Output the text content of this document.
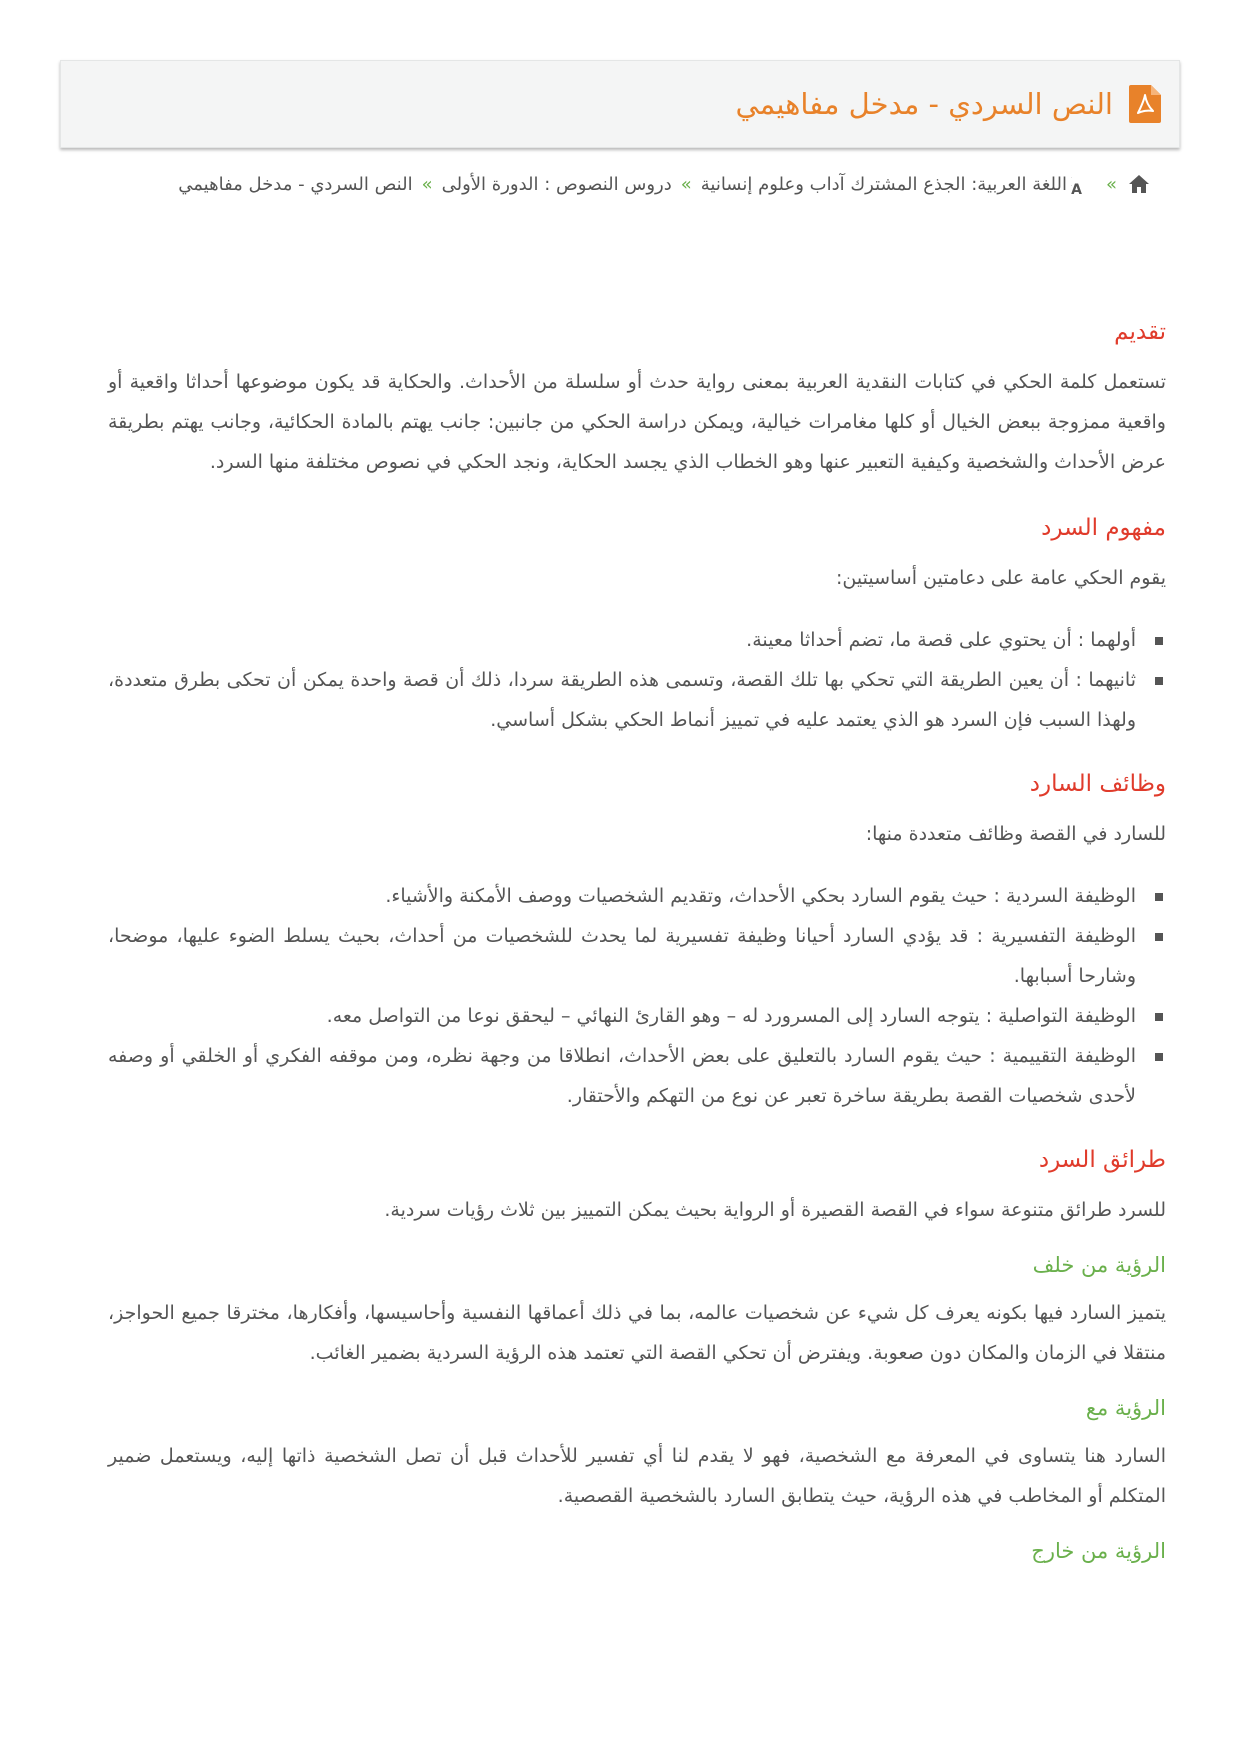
النص السردي - مدخل مفاهيمي
»
A
اللغة العربية: الجذع المشترك آداب وعلوم إنسانية
»
دروس النصوص : الدورة الأولى
»
النص السردي - مدخل مفاهيمي
تقديم

تستعمل كلمة الحكي في كتابات النقدية العربية بمعنى رواية حدث أو سلسلة من الأحداث. والحكاية قد يكون موضوعها أحداثا واقعية أو واقعية ممزوجة ببعض الخيال أو كلها مغامرات خيالية، ويمكن دراسة الحكي من جانبين: جانب يهتم بالمادة الحكائية، وجانب يهتم بطريقة عرض الأحداث والشخصية وكيفية التعبير عنها وهو الخطاب الذي يجسد الحكاية، ونجد الحكي في نصوص مختلفة منها السرد.

مفهوم السرد

يقوم الحكي عامة على دعامتين أساسيتين:

أولهما : أن يحتوي على قصة ما، تضم أحداثا معينة.
ثانيهما : أن يعين الطريقة التي تحكي بها تلك القصة، وتسمى هذه الطريقة سردا، ذلك أن قصة واحدة يمكن أن تحكى بطرق متعددة، ولهذا السبب فإن السرد هو الذي يعتمد عليه في تمييز أنماط الحكي بشكل أساسي.
وظائف السارد

للسارد في القصة وظائف متعددة منها:

الوظيفة السردية : حيث يقوم السارد بحكي الأحداث، وتقديم الشخصيات ووصف الأمكنة والأشياء.
الوظيفة التفسيرية : قد يؤدي السارد أحيانا وظيفة تفسيرية لما يحدث للشخصيات من أحداث، بحيث يسلط الضوء عليها، موضحا، وشارحا أسبابها.
الوظيفة التواصلية : يتوجه السارد إلى المسرورد له – وهو القارئ النهائي – ليحقق نوعا من التواصل معه.
الوظيفة التقييمية : حيث يقوم السارد بالتعليق على بعض الأحداث، انطلاقا من وجهة نظره، ومن موقفه الفكري أو الخلقي أو وصفه لأحدى شخصيات القصة بطريقة ساخرة تعبر عن نوع من التهكم والأحتقار.
طرائق السرد

للسرد طرائق متنوعة سواء في القصة القصيرة أو الرواية بحيث يمكن التمييز بين ثلاث رؤيات سردية.

الرؤية من خلف

يتميز السارد فيها بكونه يعرف كل شيء عن شخصيات عالمه، بما في ذلك أعماقها النفسية وأحاسيسها، وأفكارها، مخترقا جميع الحواجز، منتقلا في الزمان والمكان دون صعوبة. ويفترض أن تحكي القصة التي تعتمد هذه الرؤية السردية بضمير الغائب.

الرؤية مع

السارد هنا يتساوى في المعرفة مع الشخصية، فهو لا يقدم لنا أي تفسير للأحداث قبل أن تصل الشخصية ذاتها إليه، ويستعمل ضمير المتكلم أو المخاطب في هذه الرؤية، حيث يتطابق السارد بالشخصية القصصية.

الرؤية من خارج
